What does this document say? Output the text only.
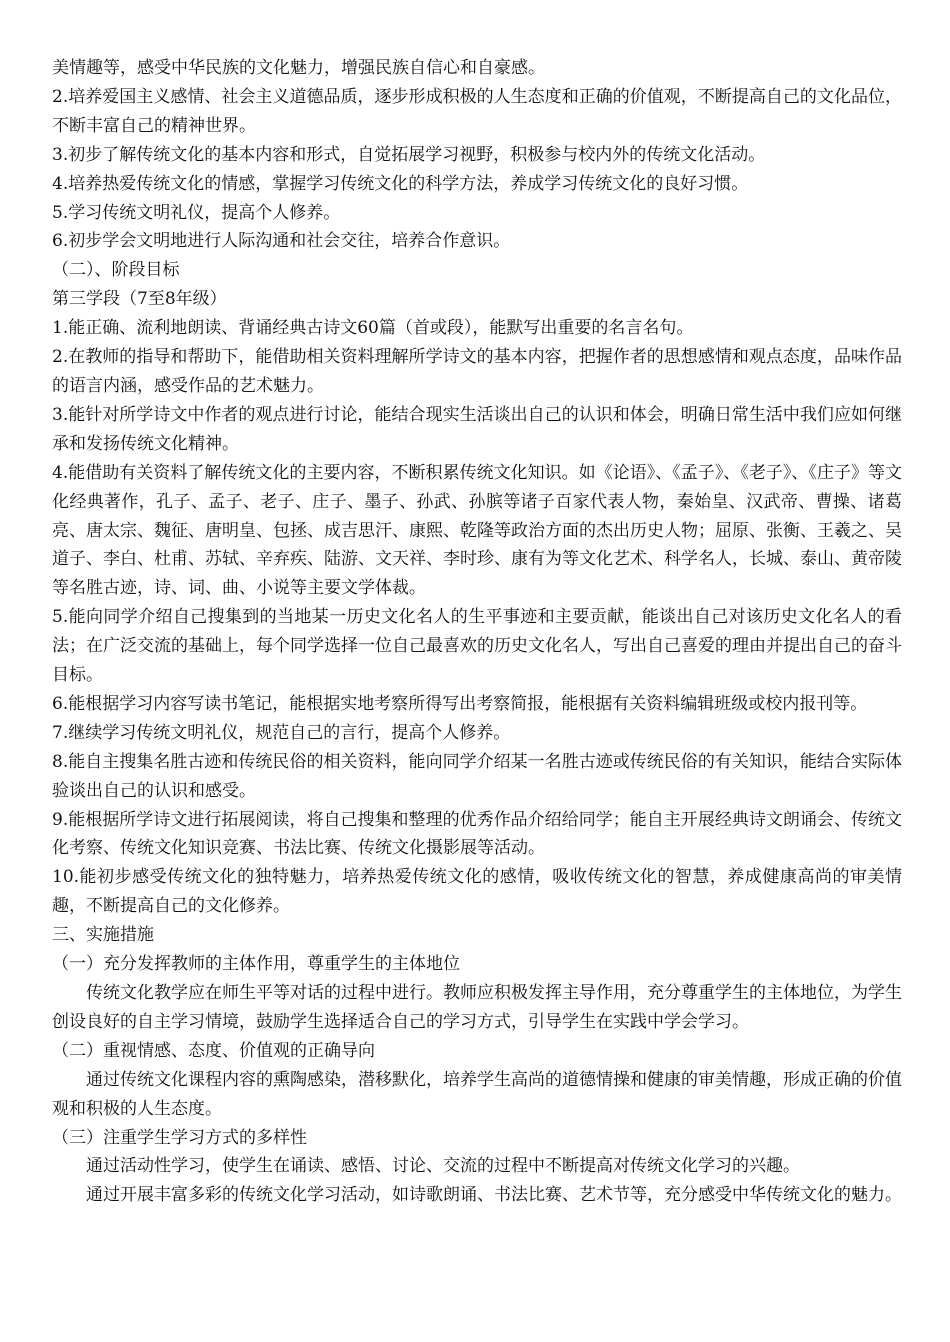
美情趣等，感受中华民族的文化魅力，增强民族自信心和自豪感。

2.培养爱国主义感情、社会主义道德品质，逐步形成积极的人生态度和正确的价值观，不断提高自己的文化品位，不断丰富自己的精神世界。

3.初步了解传统文化的基本内容和形式，自觉拓展学习视野，积极参与校内外的传统文化活动。

4.培养热爱传统文化的情感，掌握学习传统文化的科学方法，养成学习传统文化的良好习惯。

5.学习传统文明礼仪，提高个人修养。

6.初步学会文明地进行人际沟通和社会交往，培养合作意识。

（二）、阶段目标

第三学段（7至8年级）

1.能正确、流利地朗读、背诵经典古诗文60篇（首或段），能默写出重要的名言名句。

2.在教师的指导和帮助下，能借助相关资料理解所学诗文的基本内容，把握作者的思想感情和观点态度，品味作品的语言内涵，感受作品的艺术魅力。

3.能针对所学诗文中作者的观点进行讨论，能结合现实生活谈出自己的认识和体会，明确日常生活中我们应如何继承和发扬传统文化精神。

4.能借助有关资料了解传统文化的主要内容，不断积累传统文化知识。如《论语》、《孟子》、《老子》、《庄子》等文化经典著作，孔子、孟子、老子、庄子、墨子、孙武、孙膑等诸子百家代表人物，秦始皇、汉武帝、曹操、诸葛亮、唐太宗、魏征、唐明皇、包拯、成吉思汗、康熙、乾隆等政治方面的杰出历史人物；屈原、张衡、王羲之、吴道子、李白、杜甫、苏轼、辛弃疾、陆游、文天祥、李时珍、康有为等文化艺术、科学名人，长城、泰山、黄帝陵等名胜古迹，诗、词、曲、小说等主要文学体裁。

5.能向同学介绍自己搜集到的当地某一历史文化名人的生平事迹和主要贡献，能谈出自己对该历史文化名人的看法；在广泛交流的基础上，每个同学选择一位自己最喜欢的历史文化名人，写出自己喜爱的理由并提出自己的奋斗目标。

6.能根据学习内容写读书笔记，能根据实地考察所得写出考察简报，能根据有关资料编辑班级或校内报刊等。

7.继续学习传统文明礼仪，规范自己的言行，提高个人修养。

8.能自主搜集名胜古迹和传统民俗的相关资料，能向同学介绍某一名胜古迹或传统民俗的有关知识，能结合实际体验谈出自己的认识和感受。

9.能根据所学诗文进行拓展阅读，将自己搜集和整理的优秀作品介绍给同学；能自主开展经典诗文朗诵会、传统文化考察、传统文化知识竞赛、书法比赛、传统文化摄影展等活动。

10.能初步感受传统文化的独特魅力，培养热爱传统文化的感情，吸收传统文化的智慧，养成健康高尚的审美情趣，不断提高自己的文化修养。

三、实施措施

（一）充分发挥教师的主体作用，尊重学生的主体地位

传统文化教学应在师生平等对话的过程中进行。教师应积极发挥主导作用，充分尊重学生的主体地位，为学生创设良好的自主学习情境，鼓励学生选择适合自己的学习方式，引导学生在实践中学会学习。

（二）重视情感、态度、价值观的正确导向

通过传统文化课程内容的熏陶感染，潜移默化，培养学生高尚的道德情操和健康的审美情趣，形成正确的价值观和积极的人生态度。

（三）注重学生学习方式的多样性

通过活动性学习，使学生在诵读、感悟、讨论、交流的过程中不断提高对传统文化学习的兴趣。

通过开展丰富多彩的传统文化学习活动，如诗歌朗诵、书法比赛、艺术节等，充分感受中华传统文化的魅力。
